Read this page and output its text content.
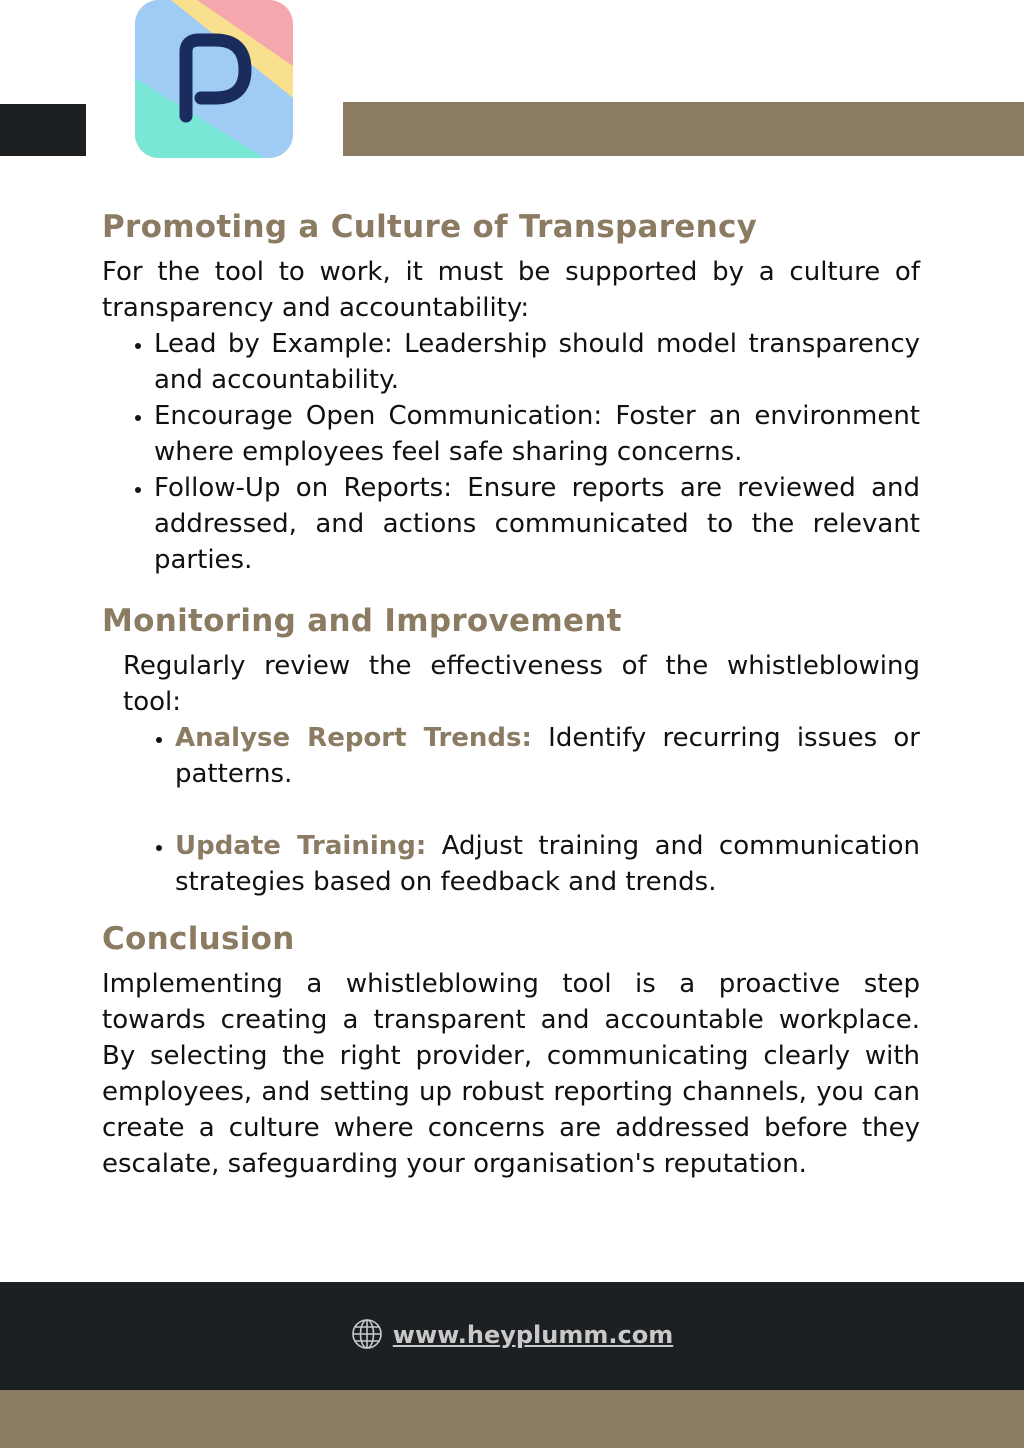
Promoting a Culture of Transparency

For the tool to work, it must be supported by a culture of transparency and accountability:

• Lead by Example: Leadership should model transparency and accountability.
• Encourage Open Communication: Foster an environment where employees feel safe sharing concerns.
• Follow-Up on Reports: Ensure reports are reviewed and addressed, and actions communicated to the relevant parties.
Monitoring and Improvement

Regularly review the effectiveness of the whistleblowing tool:

• Analyse Report Trends: Identify recurring issues or patterns.
• Update Training: Adjust training and communication strategies based on feedback and trends.
Conclusion

Implementing a whistleblowing tool is a proactive step towards creating a transparent and accountable workplace. By selecting the right provider, communicating clearly with employees, and setting up robust reporting channels, you can create a culture where concerns are addressed before they escalate, safeguarding your organisation's reputation.

www.heyplumm.com
